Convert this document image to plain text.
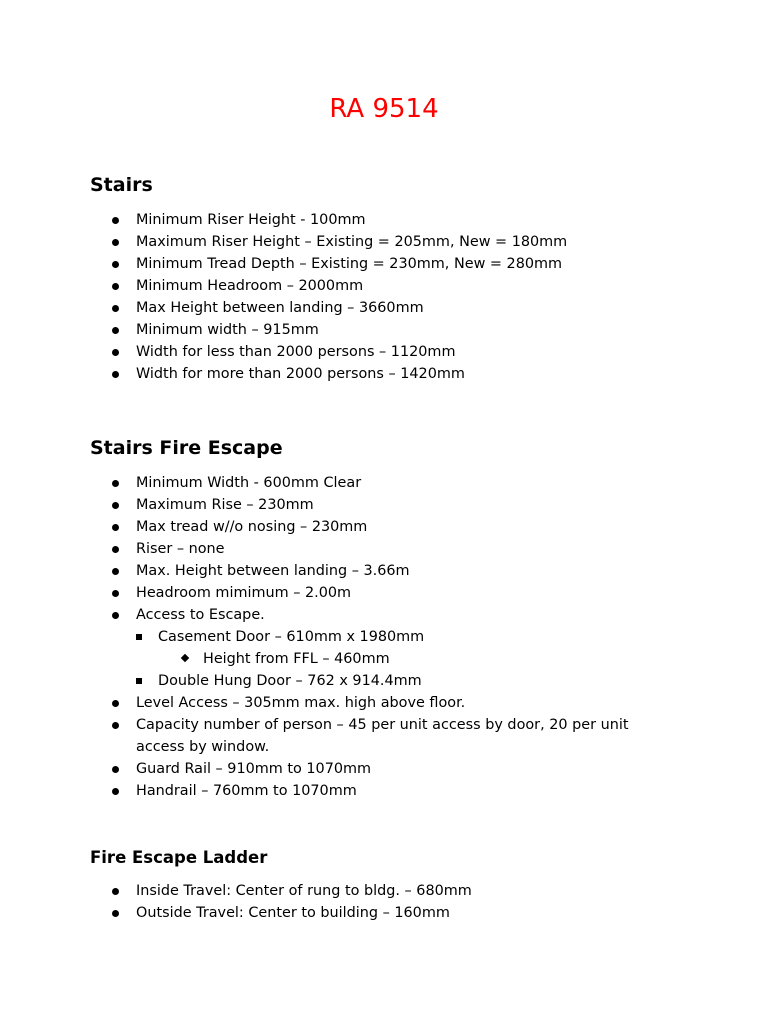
RA 9514
Stairs
Minimum Riser Height - 100mm
Maximum Riser Height – Existing = 205mm, New = 180mm
Minimum Tread Depth – Existing = 230mm, New = 280mm
Minimum Headroom – 2000mm
Max Height between landing – 3660mm
Minimum width – 915mm
Width for less than 2000 persons – 1120mm
Width for more than 2000 persons – 1420mm
Stairs Fire Escape
Minimum Width - 600mm Clear
Maximum Rise – 230mm
Max tread w//o nosing – 230mm
Riser – none
Max. Height between landing – 3.66m
Headroom mimimum – 2.00m
Access to Escape.
Casement Door – 610mm x 1980mm
Height from FFL – 460mm
Double Hung Door – 762 x 914.4mm
Level Access – 305mm max. high above floor.
Capacity number of person – 45 per unit access by door, 20 per unit access by window.
Guard Rail – 910mm to 1070mm
Handrail – 760mm to 1070mm
Fire Escape Ladder
Inside Travel: Center of rung to bldg. – 680mm
Outside Travel: Center to building – 160mm
